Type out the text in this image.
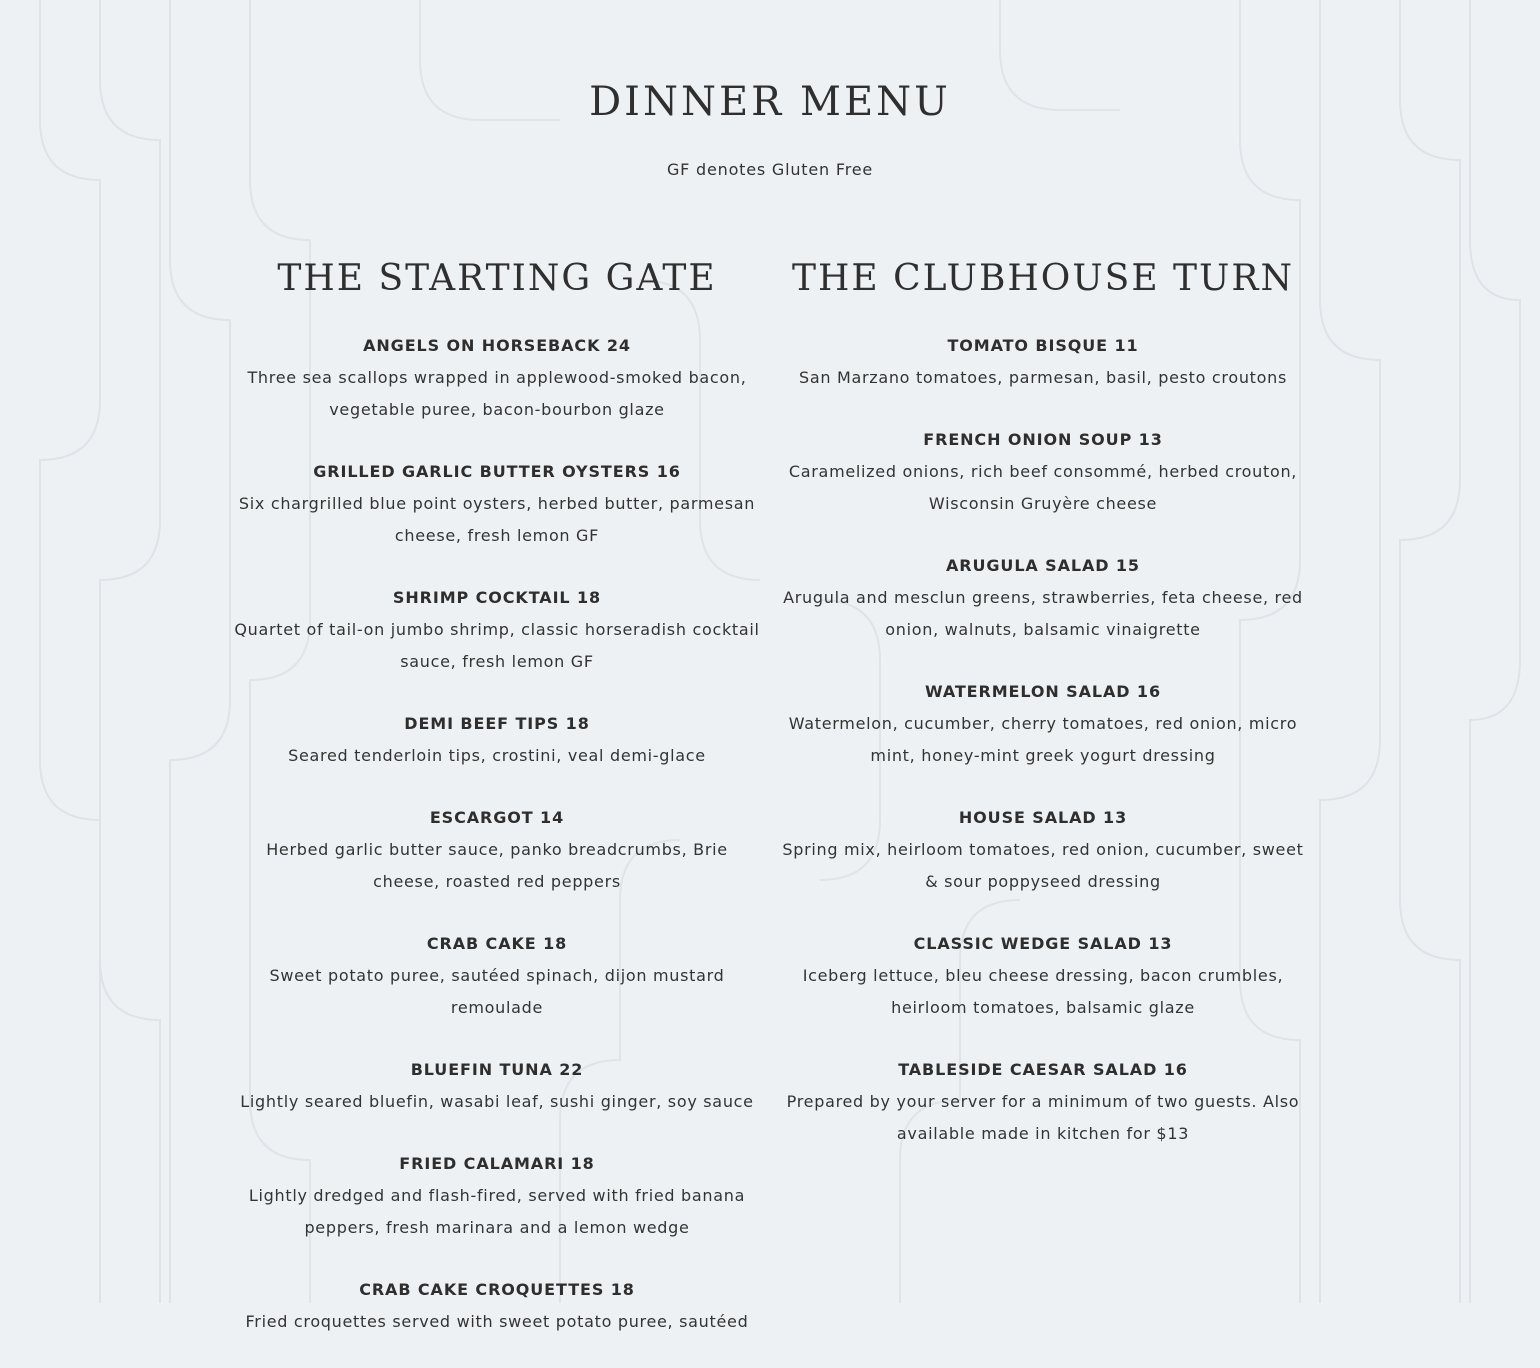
DINNER MENU
GF denotes Gluten Free
THE STARTING GATE
ANGELS ON HORSEBACK 24
Three sea scallops wrapped in applewood-smoked bacon, vegetable puree, bacon-bourbon glaze
GRILLED GARLIC BUTTER OYSTERS 16
Six chargrilled blue point oysters, herbed butter, parmesan cheese, fresh lemon GF
SHRIMP COCKTAIL 18
Quartet of tail-on jumbo shrimp, classic horseradish cocktail sauce, fresh lemon GF
DEMI BEEF TIPS 18
Seared tenderloin tips, crostini, veal demi-glace
ESCARGOT 14
Herbed garlic butter sauce, panko breadcrumbs, Brie cheese, roasted red peppers
CRAB CAKE 18
Sweet potato puree, sautéed spinach, dijon mustard remoulade
BLUEFIN TUNA 22
Lightly seared bluefin, wasabi leaf, sushi ginger, soy sauce
FRIED CALAMARI 18
Lightly dredged and flash-fired, served with fried banana peppers, fresh marinara and a lemon wedge
CRAB CAKE CROQUETTES 18
Fried croquettes served with sweet potato puree, sautéed
THE CLUBHOUSE TURN
TOMATO BISQUE 11
San Marzano tomatoes, parmesan, basil, pesto croutons
FRENCH ONION SOUP 13
Caramelized onions, rich beef consommé, herbed crouton, Wisconsin Gruyère cheese
ARUGULA SALAD 15
Arugula and mesclun greens, strawberries, feta cheese, red onion, walnuts, balsamic vinaigrette
WATERMELON SALAD 16
Watermelon, cucumber, cherry tomatoes, red onion, micro mint, honey-mint greek yogurt dressing
HOUSE SALAD 13
Spring mix, heirloom tomatoes, red onion, cucumber, sweet & sour poppyseed dressing
CLASSIC WEDGE SALAD 13
Iceberg lettuce, bleu cheese dressing, bacon crumbles, heirloom tomatoes, balsamic glaze
TABLESIDE CAESAR SALAD 16
Prepared by your server for a minimum of two guests. Also available made in kitchen for $13
